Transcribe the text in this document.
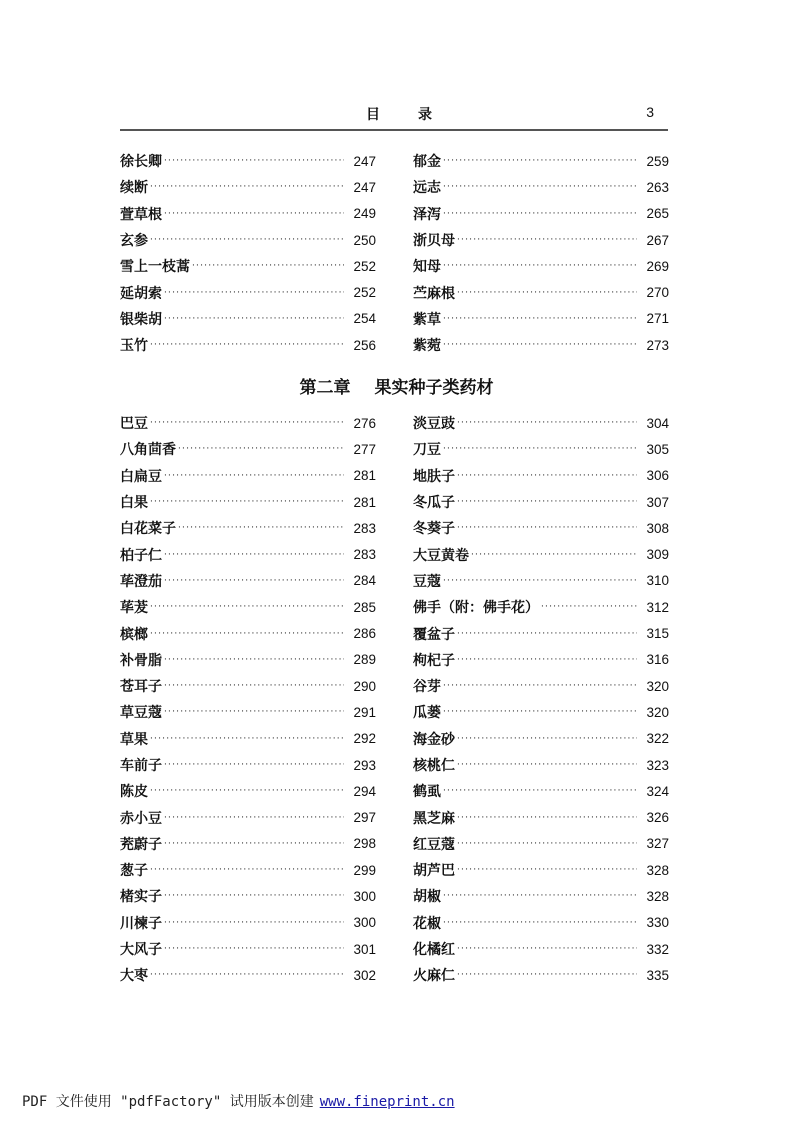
目录	3
徐长卿 ·····	247
续断 ·····	247
萱草根 ·····	249
玄参 ·····	250
雪上一枝蒿 ·····	252
延胡索 ·····	252
银柴胡 ·····	254
玉竹 ·····	256
郁金 ·····	259
远志 ·····	263
泽泻 ·····	265
浙贝母 ·····	267
知母 ·····	269
苎麻根 ·····	270
紫草 ·····	271
紫菀 ·····	273
第二章 果实种子类药材
巴豆 ·····	276
八角茴香 ·····	277
白扁豆 ·····	281
白果 ·····	281
白花菜子 ·····	283
柏子仁 ·····	283
荜澄茄 ·····	284
荜茇 ·····	285
槟榔 ·····	286
补骨脂 ·····	289
苍耳子 ·····	290
草豆蔻 ·····	291
草果 ·····	292
车前子 ·····	293
陈皮 ·····	294
赤小豆 ·····	297
茺蔚子 ·····	298
葱子 ·····	299
楮实子 ·····	300
川楝子 ·····	300
大风子 ·····	301
大枣 ·····	302
淡豆豉 ·····	304
刀豆 ·····	305
地肤子 ·····	306
冬瓜子 ·····	307
冬葵子 ·····	308
大豆黄卷 ·····	309
豆蔻 ·····	310
佛手（附：佛手花） ·····	312
覆盆子 ·····	315
枸杞子 ·····	316
谷芽 ·····	320
瓜蒌 ·····	320
海金砂 ·····	322
核桃仁 ·····	323
鹤虱 ·····	324
黑芝麻 ·····	326
红豆蔻 ·····	327
胡芦巴 ·····	328
胡椒 ·····	328
花椒 ·····	330
化橘红 ·····	332
火麻仁 ·····	335
PDF 文件使用 "pdfFactory" 试用版本创建 www.fineprint.cn
